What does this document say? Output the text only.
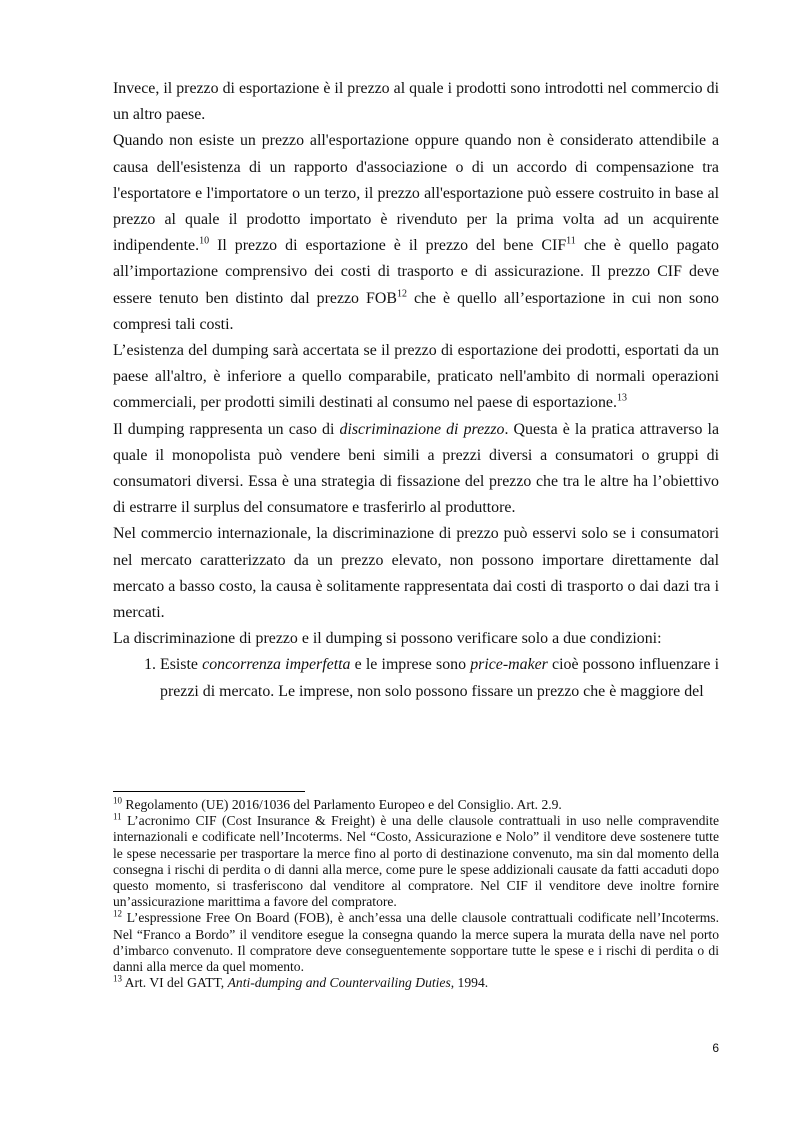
Invece, il prezzo di esportazione è il prezzo al quale i prodotti sono introdotti nel commercio di un altro paese.

Quando non esiste un prezzo all'esportazione oppure quando non è considerato attendibile a causa dell'esistenza di un rapporto d'associazione o di un accordo di compensazione tra l'esportatore e l'importatore o un terzo, il prezzo all'esportazione può essere costruito in base al prezzo al quale il prodotto importato è rivenduto per la prima volta ad un acquirente indipendente.$^{10}$ Il prezzo di esportazione è il prezzo del bene CIF$^{11}$ che è quello pagato all’importazione comprensivo dei costi di trasporto e di assicurazione. Il prezzo CIF deve essere tenuto ben distinto dal prezzo FOB$^{12}$ che è quello all’esportazione in cui non sono compresi tali costi.

L’esistenza del dumping sarà accertata se il prezzo di esportazione dei prodotti, esportati da un paese all'altro, è inferiore a quello comparabile, praticato nell'ambito di normali operazioni commerciali, per prodotti simili destinati al consumo nel paese di esportazione.$^{13}$

Il dumping rappresenta un caso di discriminazione di prezzo. Questa è la pratica attraverso la quale il monopolista può vendere beni simili a prezzi diversi a consumatori o gruppi di consumatori diversi. Essa è una strategia di fissazione del prezzo che tra le altre ha l’obiettivo di estrarre il surplus del consumatore e trasferirlo al produttore.

Nel commercio internazionale, la discriminazione di prezzo può esservi solo se i consumatori nel mercato caratterizzato da un prezzo elevato, non possono importare direttamente dal mercato a basso costo, la causa è solitamente rappresentata dai costi di trasporto o dai dazi tra i mercati.

La discriminazione di prezzo e il dumping si possono verificare solo a due condizioni:

1. Esiste concorrenza imperfetta e le imprese sono price-maker cioè possono influenzare i prezzi di mercato. Le imprese, non solo possono fissare un prezzo che è maggiore del

$^{10}$ Regolamento (UE) 2016/1036 del Parlamento Europeo e del Consiglio. Art. 2.9.

$^{11}$ L’acronimo CIF (Cost Insurance & Freight) è una delle clausole contrattuali in uso nelle compravendite internazionali e codificate nell’Incoterms. Nel “Costo, Assicurazione e Nolo” il venditore deve sostenere tutte le spese necessarie per trasportare la merce fino al porto di destinazione convenuto, ma sin dal momento della consegna i rischi di perdita o di danni alla merce, come pure le spese addizionali causate da fatti accaduti dopo questo momento, si trasferiscono dal venditore al compratore. Nel CIF il venditore deve inoltre fornire un’assicurazione marittima a favore del compratore.

$^{12}$ L’espressione Free On Board (FOB), è anch’essa una delle clausole contrattuali codificate nell’Incoterms. Nel “Franco a Bordo” il venditore esegue la consegna quando la merce supera la murata della nave nel porto d’imbarco convenuto. Il compratore deve conseguentemente sopportare tutte le spese e i rischi di perdita o di danni alla merce da quel momento.

$^{13}$ Art. VI del GATT, Anti-dumping and Countervailing Duties, 1994.

6
